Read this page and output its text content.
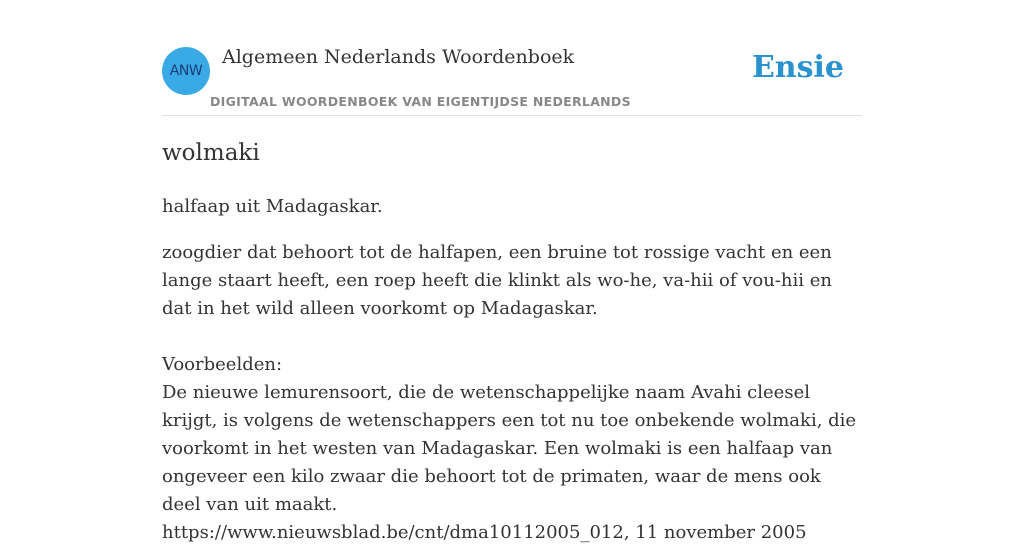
ANW
Algemeen Nederlands Woordenboek
DIGITAAL WOORDENBOEK VAN EIGENTIJDSE NEDERLANDS
Ensie
wolmaki

halfaap uit Madagaskar.

zoogdier dat behoort tot de halfapen, een bruine tot rossige vacht en een lange staart heeft, een roep heeft die klinkt als wo-he, va-hii of vou-hii en dat in het wild alleen voorkomt op Madagaskar.

Voorbeelden:
De nieuwe lemurensoort, die de wetenschappelijke naam Avahi cleesel krijgt, is volgens de wetenschappers een tot nu toe onbekende wolmaki, die voorkomt in het westen van Madagaskar. Een wolmaki is een halfaap van ongeveer een kilo zwaar die behoort tot de primaten, waar de mens ook deel van uit maakt.
https://www.nieuwsblad.be/cnt/dma10112005_012, 11 november 2005
